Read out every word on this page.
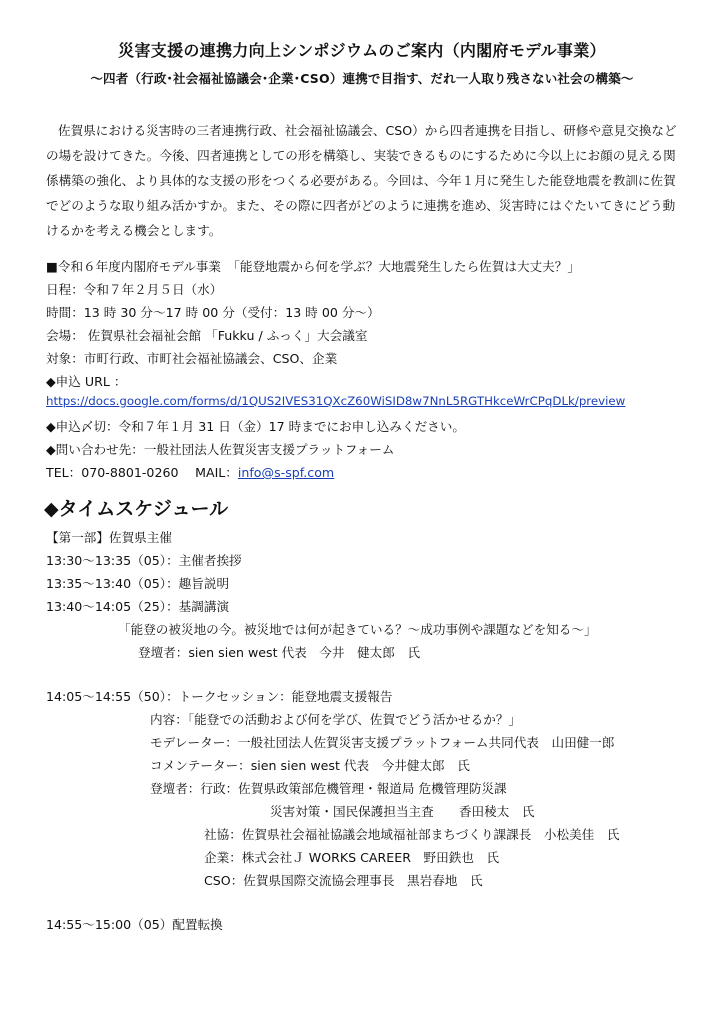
災害支援の連携力向上シンポジウムのご案内（内閣府モデル事業）
〜四者（行政･社会福祉協議会･企業･CSO）連携で目指す、だれ一人取り残さない社会の構築〜
佐賀県における災害時の三者連携行政、社会福祉協議会、CSO）から四者連携を目指し、研修や意見交換などの場を設けてきた。今後、四者連携としての形を構築し、実装できるものにするために今以上にお顔の見える関係構築の強化、より具体的な支援の形をつくる必要がある。今回は、今年１月に発生した能登地震を教訓に佐賀でどのような取り組み活かすか。また、その際に四者がどのように連携を進め、災害時にはぐたいてきにどう動けるかを考える機会とします。
■令和６年度内閣府モデル事業　「能登地震から何を学ぶ？大地震発生したら佐賀は大丈夫？」
日程：令和７年２月５日（水）
時間：13 時 30 分〜17 時 00 分（受付：13 時 00 分〜）
会場： 佐賀県社会福祉会館 「Fukku / ふっく」大会議室
対象：市町行政、市町社会福祉協議会、CSO、企業
◆申込 URL ：
https://docs.google.com/forms/d/1QUS2IVES31QXcZ60WiSID8w7NnL5RGTHkceWrCPqDLk/preview
◆申込〆切：令和７年１月 31 日（金）17 時までにお申し込みください。
◆問い合わせ先：一般社団法人佐賀災害支援プラットフォーム
TEL：070-8801-0260　 MAIL：info@s-spf.com
◆タイムスケジュール
【第一部】佐賀県主催
13:30〜13:35（05）：主催者挨拶
13:35〜13:40（05）：趣旨説明
13:40〜14:05（25）：基調講演
「能登の被災地の今。被災地では何が起きている？〜成功事例や課題などを知る〜」
登壇者：sien sien west 代表　今井　健太郎　氏
14:05〜14:55（50）：トークセッション：能登地震支援報告
内容：「能登での活動および何を学び、佐賀でどう活かせるか？」
モデレーター：一般社団法人佐賀災害支援プラットフォーム共同代表　山田健一郎
コメンテーター：sien sien west 代表　今井健太郎　氏
登壇者：行政：佐賀県政策部危機管理・報道局 危機管理防災課
災害対策・国民保護担当主査　　香田稜太　氏
社協：佐賀県社会福祉協議会地域福祉部まちづくり課課長　小松美佳　氏
企業：株式会社Ｊ WORKS CAREER　野田鉄也　氏
CSO：佐賀県国際交流協会理事長　黒岩春地　氏
14:55〜15:00（05）配置転換
